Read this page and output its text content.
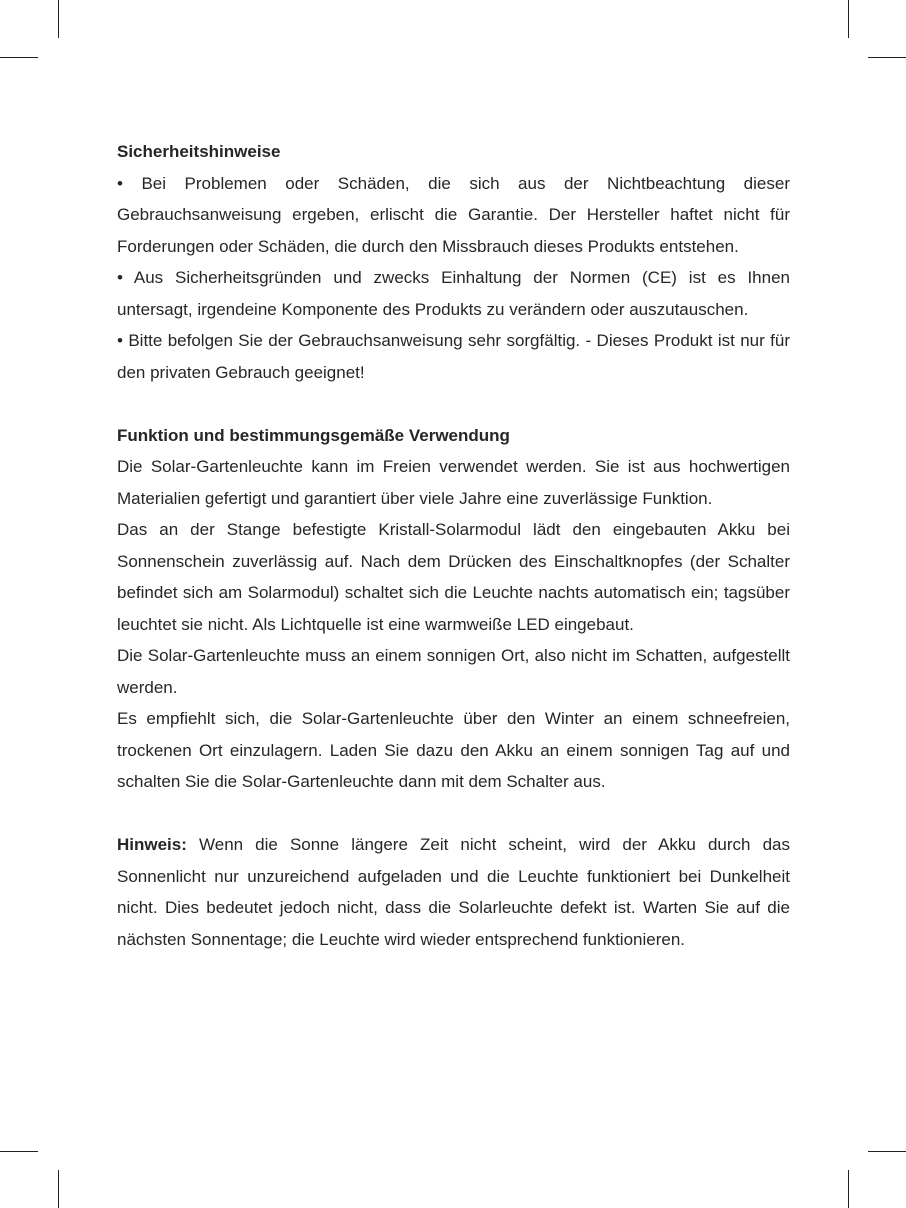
Sicherheitshinweise

• Bei Problemen oder Schäden, die sich aus der Nichtbeachtung dieser Gebrauchsanweisung ergeben, erlischt die Garantie. Der Hersteller haftet nicht für Forderungen oder Schäden, die durch den Missbrauch dieses Produkts entstehen.

• Aus Sicherheitsgründen und zwecks Einhaltung der Normen (CE) ist es Ihnen untersagt, irgendeine Komponente des Produkts zu verändern oder auszutauschen.

• Bitte befolgen Sie der Gebrauchsanweisung sehr sorgfältig. - Dieses Produkt ist nur für den privaten Gebrauch geeignet!

Funktion und bestimmungsgemäße Verwendung

Die Solar-Gartenleuchte kann im Freien verwendet werden. Sie ist aus hochwertigen Materialien gefertigt und garantiert über viele Jahre eine zuverlässige Funktion.

Das an der Stange befestigte Kristall-Solarmodul lädt den eingebauten Akku bei Sonnenschein zuverlässig auf. Nach dem Drücken des Einschaltknopfes (der Schalter befindet sich am Solarmodul) schaltet sich die Leuchte nachts automatisch ein; tagsüber leuchtet sie nicht. Als Lichtquelle ist eine warmweiße LED eingebaut.

Die Solar-Gartenleuchte muss an einem sonnigen Ort, also nicht im Schatten, aufgestellt werden.

Es empfiehlt sich, die Solar-Gartenleuchte über den Winter an einem schneefreien, trockenen Ort einzulagern. Laden Sie dazu den Akku an einem sonnigen Tag auf und schalten Sie die Solar-Gartenleuchte dann mit dem Schalter aus.

Hinweis: Wenn die Sonne längere Zeit nicht scheint, wird der Akku durch das Sonnenlicht nur unzureichend aufgeladen und die Leuchte funktioniert bei Dunkelheit nicht. Dies bedeutet jedoch nicht, dass die Solarleuchte defekt ist. Warten Sie auf die nächsten Sonnentage; die Leuchte wird wieder entsprechend funktionieren.
